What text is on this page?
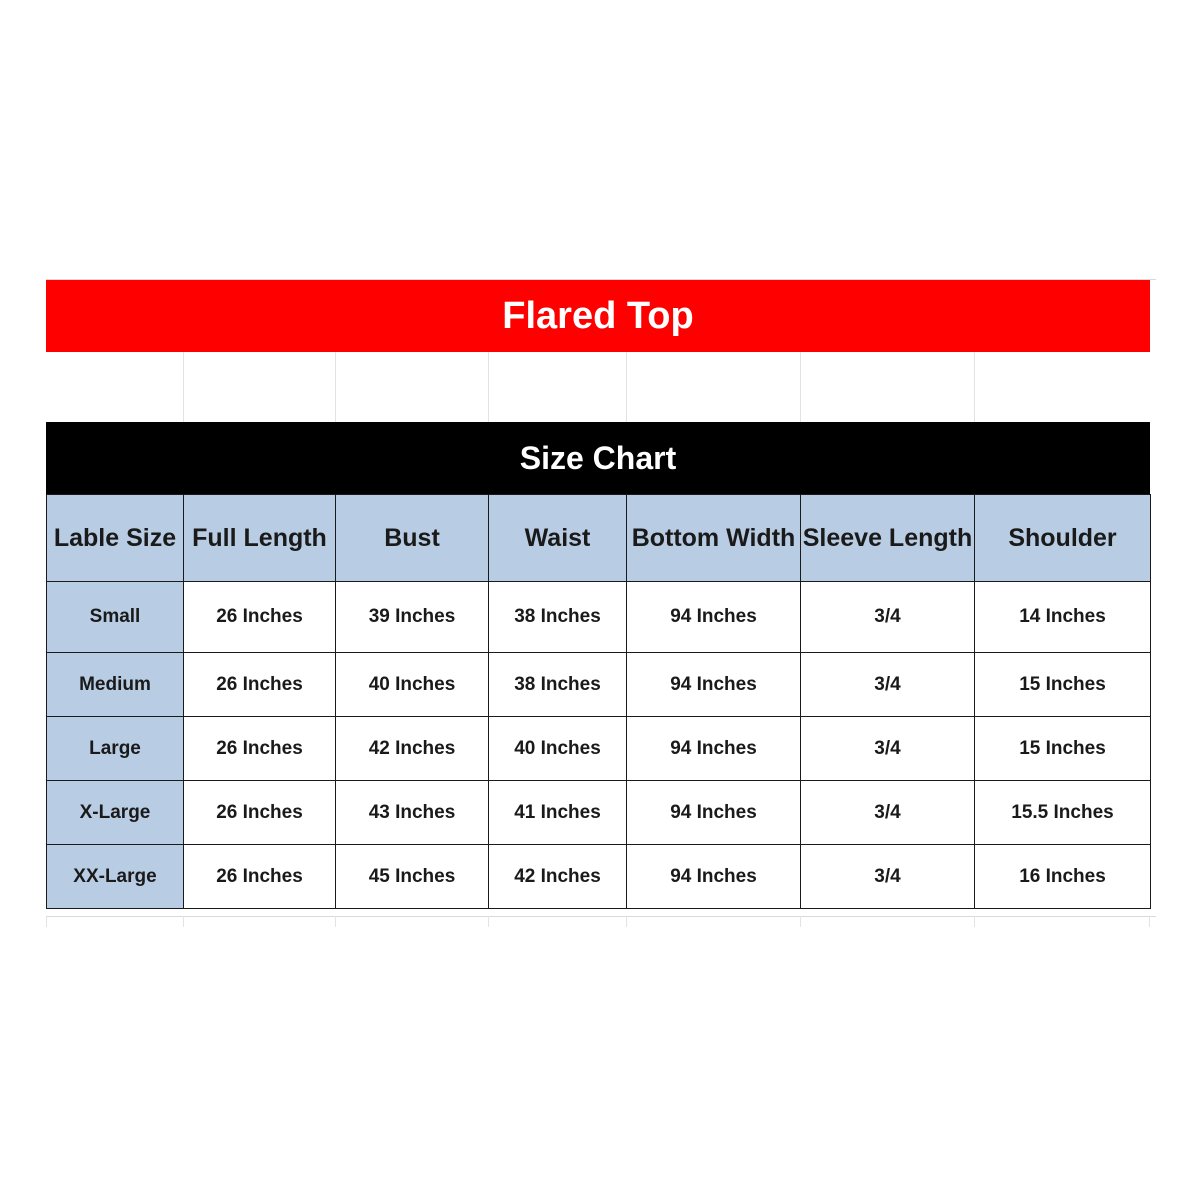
Flared Top
Size Chart
Lable Size	Full Length	Bust	Waist	Bottom Width	Sleeve Length	Shoulder
Small	26 Inches	39 Inches	38 Inches	94 Inches	3/4	14 Inches
Medium	26 Inches	40 Inches	38 Inches	94 Inches	3/4	15 Inches
Large	26 Inches	42 Inches	40 Inches	94 Inches	3/4	15 Inches
X-Large	26 Inches	43 Inches	41 Inches	94 Inches	3/4	15.5 Inches
XX-Large	26 Inches	45 Inches	42 Inches	94 Inches	3/4	16 Inches
